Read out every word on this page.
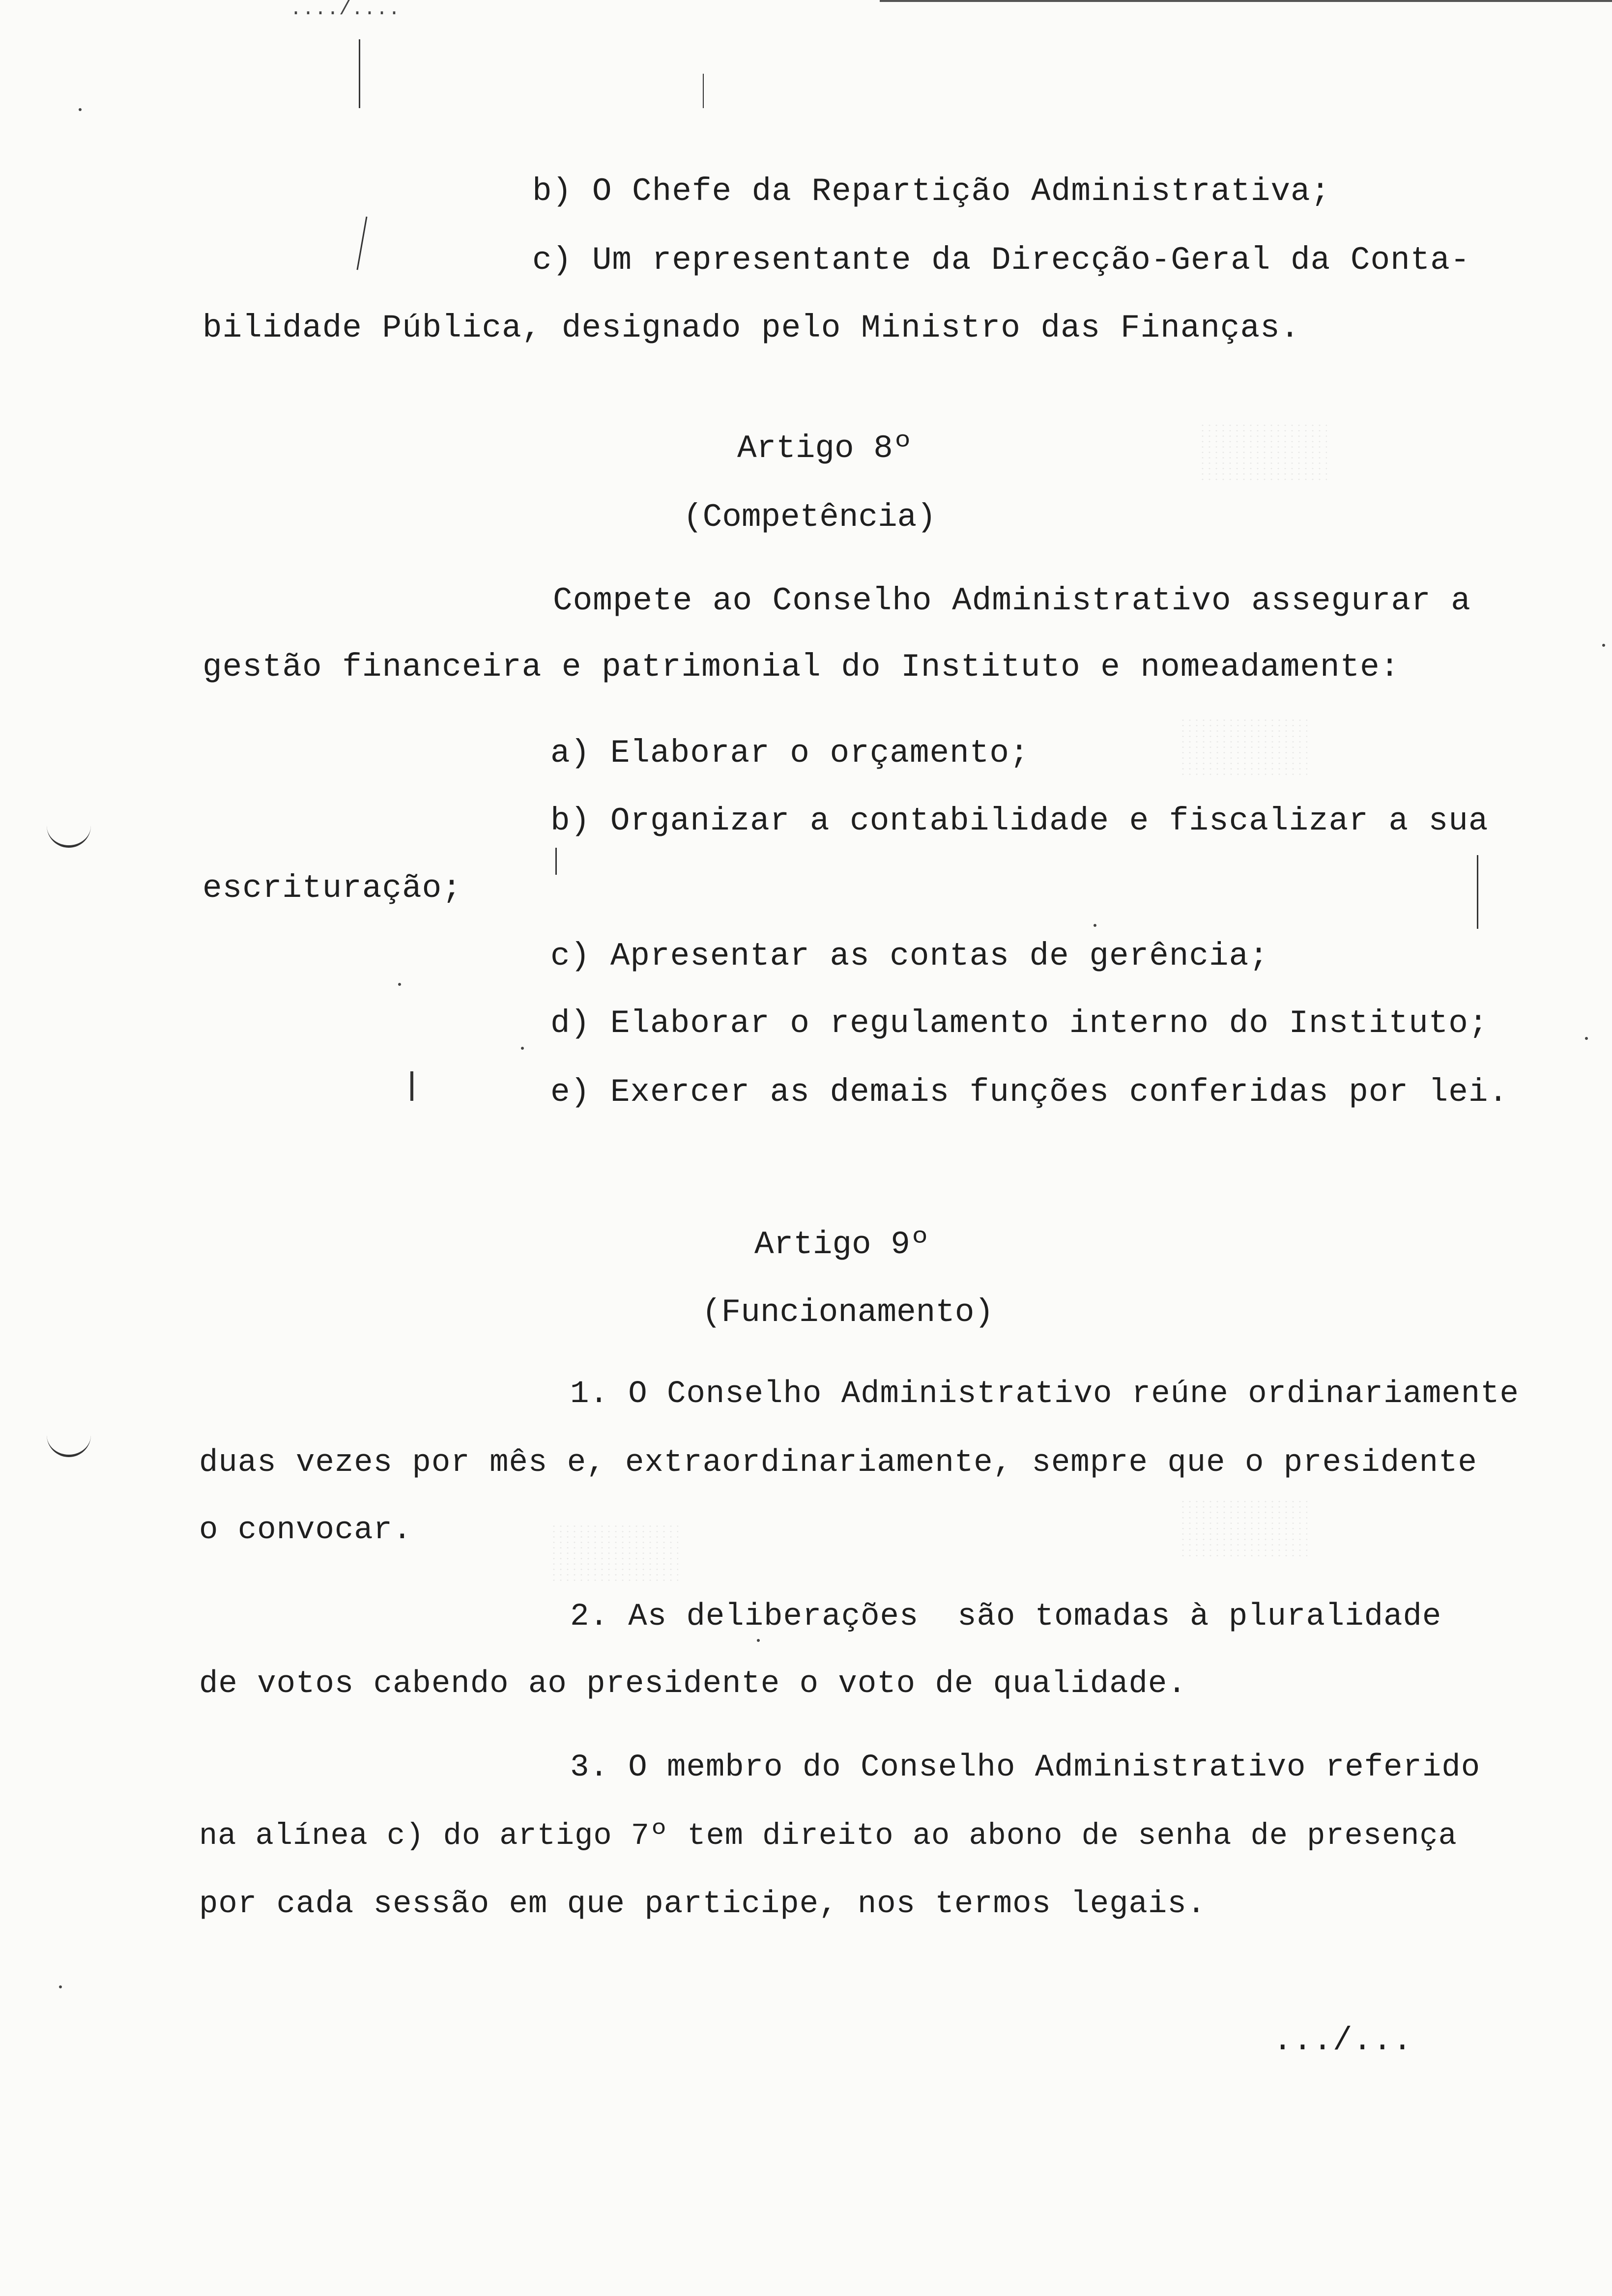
..../....
b) O Chefe da Repartição Administrativa;
c) Um representante da Direcção-Geral da Conta-
bilidade Pública, designado pelo Ministro das Finanças.
Artigo 8º
(Competência)
Compete ao Conselho Administrativo assegurar a
gestão financeira e patrimonial do Instituto e nomeadamente:
a) Elaborar o orçamento;
b) Organizar a contabilidade e fiscalizar a sua
escrituração;
c) Apresentar as contas de gerência;
d) Elaborar o regulamento interno do Instituto;
e) Exercer as demais funções conferidas por lei.
Artigo 9º
(Funcionamento)
1. O Conselho Administrativo reúne ordinariamente
duas vezes por mês e, extraordinariamente, sempre que o presidente
o convocar.
2. As deliberações  são tomadas à pluralidade
de votos cabendo ao presidente o voto de qualidade.
3. O membro do Conselho Administrativo referido
na alínea c) do artigo 7º tem direito ao abono de senha de presença
por cada sessão em que participe, nos termos legais.
.../...
